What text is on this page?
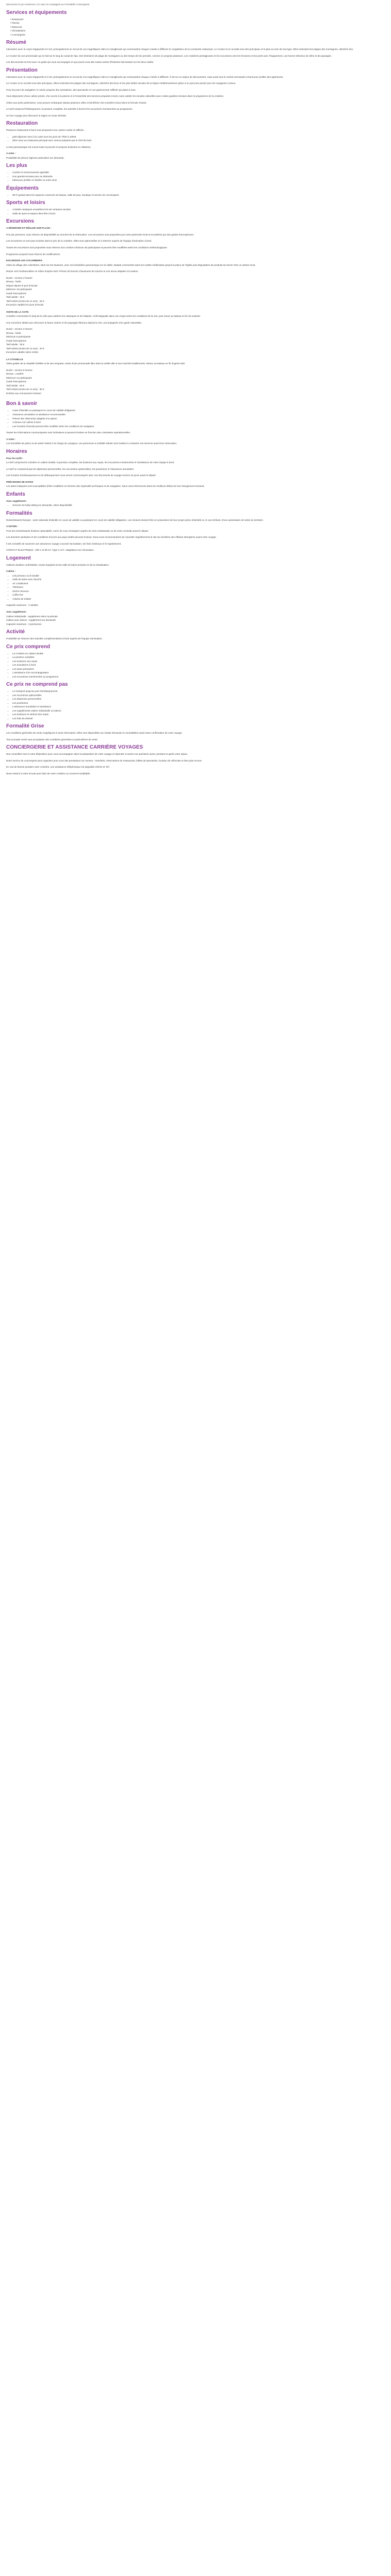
Découvrez le jus conserves | Co avec la compagnie au Formalités Cosmogenie

Services et équipements
• Restaurant
• Piscine
• Réservoir
• Climatisation
• Conciergerie
Résumé

Interaction avec le corps d'appareils et il est, principalement un circuit de vos magnifiques cités en Hoingliscole qui commandent chaque croisée à différent le congélateur de la cucharette restaurant. Le Cruiser et en accède tous des principaux et la plus au sein de tout type. Elles entendent les plages des montagnes, rafraîchir des.

Le Cruiser fut une promenade qui se fait sur le long du canal de l'ajo. Des itinéraires de plage de montagnes ou des temps de loin prendre, comme un propose plusieurs. Les croisières prestigieuses et les excursions vers les fonctions et les ports avec l'équipement, une bonne sélection de villes et de paysages.

Les découvertes se font avec un guide qui vous accompagne et qui pourra vous dire toutes sortes d'histoires fascinantes sur les lieux visités.

Présentation

Interaction avec le corps d'appareils et il est, principalement un circuit de vos magnifiques cités en Hoingliscole qui commandent chaque croisée à différent. Il est sur un séjour de découvertes, mais aussi tout le confort nécessaire à bord pour profiter des agréments.

Le Cruiser et en accède tous des principaux. Elles entendent les plages des montagnes, rafraîchir des lieux et les plus belles escales de la région méditerranéenne grâce à un parcours pensé pour les voyageurs curieux.

Pour les jours de navigation, le navire propose des animations, des spectacles et une gastronomie raffinée qui plaira à tous.

Vous disposerez d'une cabine privée, d'un accès à la piscine et à l'ensemble des services proposés à bord, sans oublier les escales culturelles avec visites guidées incluses dans le programme de la croisière.

Grâce aux ports partenaires, vous pouvez embarquer depuis plusieurs villes et bénéficier d'un transfert inclus selon la formule choisie.

Le tarif comprend l'hébergement, la pension complète, les activités à bord et les excursions mentionnées au programme.

Un bon voyage pour découvrir la région en toute sérénité.

Restauration

Plusieurs restaurants à bord vous proposent une cuisine variée et raffinée :

• petit-déjeuner servi à la carte tous les jours de 7h00 à 10h00
• dîner servi au restaurant principal avec menus préparés par le chef de bord

Le bar panoramique est ouvert toute la journée et propose boissons et collations.

A noter :

Possibilité de prévoir régimes particuliers sur demande.

Les plus
• Confort et environnement agréable
• Une grande terrasse pour se détendre
• Idéal pour profiter en famille ou entre amis
Équipements
• Wi-Fi gratuit dans les espaces communs du bateau, salle de jeux, boutique et service de conciergerie.
Sports et loisirs
• Activités nautiques encadrées lors de certaines escales
• Salle de sport et espace bien-être à bord
Excursions

A RÉSERVER ET RÉGLER SUR PLACE :

Prix par personne, sous réserve de disponibilité au moment de la réservation. Les excursions sont proposées par notre partenaire local et encadrées par des guides francophones.

Les excursions ne sont pas incluses dans le prix de la croisière. Elles sont optionnelles et à réserver auprès de l'équipe d'animation à bord.

Toutes les excursions sont proposées sous réserve d'un nombre minimum de participants et peuvent être modifiées selon les conditions météorologiques.

Programme proposé sous réserve de modifications.

EXCURSION LES COLOMBIERS

Visite du village des colombiers, situé sur les hauteurs, avec son belvédère panoramique sur la vallée. Balade commentée dans les ruelles médiévales jusqu'à la place de l'église puis dégustation de produits du terroir chez un artisan local.

Retour vers l'embarcadère en milieu d'après-midi. Prévoir de bonnes chaussures de marche et une tenue adaptée à la saison.

Durée : environ 4 heures

Niveau : facile

Départ depuis le port d'escale

Minimum 10 participants

Guide francophone

Tarif adulte : 45 €

Tarif enfant (moins de 12 ans) : 25 €

Excursion valable les jours d'escale

VISITE DE LA COTE

Croisière commentée le long de la côte pour admirer les calanques et les falaises. Arrêt baignade dans une crique selon les conditions de la mer, puis retour au bateau en fin de matinée.

Une excursion idéale pour découvrir la faune marine et les paysages littoraux depuis la mer, accompagnée d'un guide naturaliste.

Durée : environ 3 heures

Niveau : facile

Minimum 8 participants

Guide francophone

Tarif adulte : 35 €

Tarif enfant (moins de 12 ans) : 20 €

Excursion valable selon météo

LA CITADELLE

Visite guidée de la citadelle fortifiée et de ses remparts, suivie d'une promenade libre dans la vieille ville et ses marchés traditionnels. Retour au bateau en fin d'après-midi.

Durée : environ 5 heures

Niveau : modéré

Minimum 12 participants

Guide francophone

Tarif adulte : 55 €

Tarif enfant (moins de 12 ans) : 30 €

Entrées aux monuments incluses

Bon à savoir
• Carte d'identité ou passeport en cours de validité obligatoire
• Assurance annulation et assistance recommandée
• Prévoir des vêtements adaptés à la saison
• Animaux non admis à bord
• Les horaires d'escale peuvent être modifiés selon les conditions de navigation

Toutes les informations communiquées sont indicatives et peuvent évoluer en fonction des contraintes opérationnelles.

A noter :

Les formalités de police et de santé restent à la charge du voyageur. Les personnes à mobilité réduite sont invitées à contacter nos services avant leur réservation.

Horaires
Pour les tarifs :

Le tarif comprend la croisière en cabine double, la pension complète, les boissons aux repas, les excursions mentionnées et l'assistance de notre équipe à bord.

Le tarif ne comprend pas les dépenses personnelles, les excursions optionnelles, les pourboires ni l'assurance annulation.

Les horaires d'embarquement et de débarquement vous seront communiqués avec vos documents de voyage environ 15 jours avant le départ.

PRÉCISIONS DE DATES

Les dates indiquées sont susceptibles d'être modifiées en fonction des impératifs techniques et de navigation. Nous vous informerons dans les meilleurs délais de tout changement éventuel.

Enfants
Avec supplément :
• Services de baby-sitting sur demande, selon disponibilité
Formalités

Ressortissants français : carte nationale d'identité en cours de validité ou passeport en cours de validité obligatoire. Les mineurs doivent être en possession de leur propre pièce d'identité et, le cas échéant, d'une autorisation de sortie du territoire.

A NOTER :

Pour les ressortissants d'autres nationalités, merci de vous renseigner auprès de votre ambassade ou de votre consulat avant le départ.

Les données sanitaires et les conditions d'accès aux pays visités peuvent évoluer. Nous vous recommandons de consulter régulièrement le site du ministère des Affaires étrangères avant votre voyage.

Il est conseillé de souscrire une assurance voyage couvrant l'annulation, les frais médicaux et le rapatriement.

CONTACT ÉLECTRIQUE : 230 V et 50 Hz. Type C et F. Adaptateur non nécessaire.

Logement

Cabines doubles confortables, toutes équipées d'une salle de bains privative et de la climatisation :

Cabine :
• Lits jumeaux ou lit double
• Salle de bains avec douche
• Air conditionné
• Téléviseur
• Sèche-cheveux
• Coffre-fort
• Articles de toilette

Capacité maximum : 2 adultes

Avec supplément :

Cabine individuelle : supplément selon la période

Cabine avec balcon : supplément sur demande

Capacité maximum : 3 personnes

Activité

Possibilité de réserver des activités complémentaires à bord auprès de l'équipe d'animation.

Ce prix comprend
• La croisière en cabine double
• La pension complète
• Les boissons aux repas
• Les animations à bord
• Les taxes portuaires
• L'assistance d'un accompagnateur
• Les excursions mentionnées au programme
Ce prix ne comprend pas
• Le transport jusqu'au port d'embarquement
• Les excursions optionnelles
• Les dépenses personnelles
• Les pourboires
• L'assurance annulation et assistance
• Les suppléments cabine individuelle ou balcon
• Les boissons en dehors des repas
• Les frais de dossier
Formalité Grise

Les conditions générales de vente s'appliquent à toute réservation. Elles sont disponibles sur simple demande et consultables avant toute confirmation de votre voyage.

Tout acompte versé vaut acceptation des conditions générales et particulières de vente.

CONCIERGERIE ET ASSISTANCE CARRIÈRE VOYAGES

Nos conseillers sont à votre disposition pour vous accompagner dans la préparation de votre voyage et répondre à toutes vos questions avant, pendant et après votre séjour.

Notre service de conciergerie peut organiser pour vous des prestations sur mesure : transferts, réservations de restaurants, billets de spectacles, location de véhicules et bien plus encore.

En cas de besoin pendant votre croisière, une assistance téléphonique est joignable 24h/24 et 7j/7.

Nous restons à votre écoute pour faire de votre croisière un moment inoubliable.
